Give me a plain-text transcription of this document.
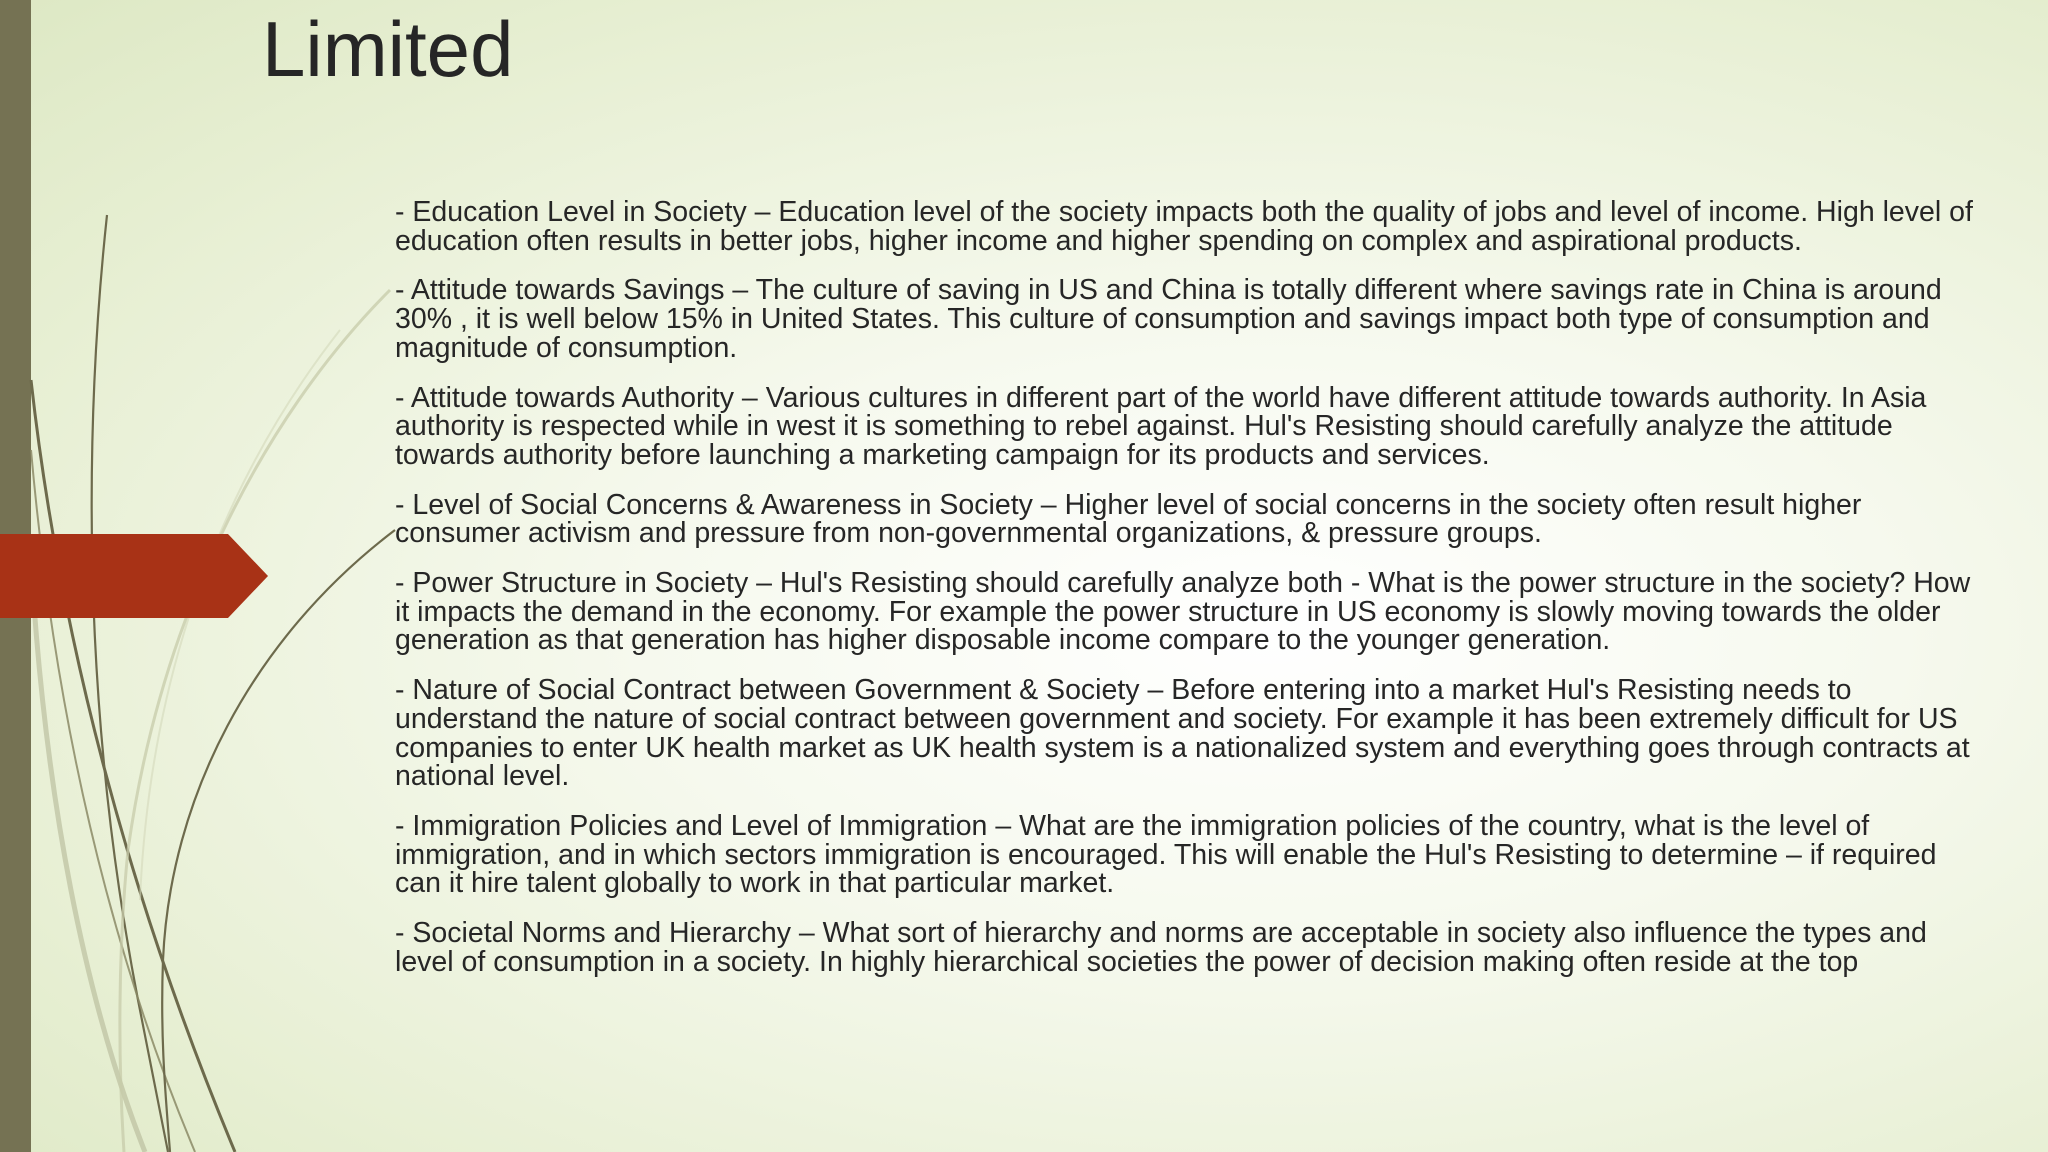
Limited

- Education Level in Society – Education level of the society impacts both the quality of jobs and level of income. High level of education often results in better jobs, higher income and higher spending on complex and aspirational products.

- Attitude towards Savings – The culture of saving in US and China is totally different where savings rate in China is around 30% , it is well below 15% in United States. This culture of consumption and savings impact both type of consumption and magnitude of consumption.

- Attitude towards Authority – Various cultures in different part of the world have different attitude towards authority. In Asia authority is respected while in west it is something to rebel against. Hul's Resisting should carefully analyze the attitude towards authority before launching a marketing campaign for its products and services.

- Level of Social Concerns & Awareness in Society – Higher level of social concerns in the society often result higher consumer activism and pressure from non-governmental organizations, & pressure groups.

- Power Structure in Society – Hul's Resisting should carefully analyze both - What is the power structure in the society? How it impacts the demand in the economy. For example the power structure in US economy is slowly moving towards the older generation as that generation has higher disposable income compare to the younger generation.

- Nature of Social Contract between Government & Society – Before entering into a market Hul's Resisting needs to understand the nature of social contract between government and society. For example it has been extremely difficult for US companies to enter UK health market as UK health system is a nationalized system and everything goes through contracts at national level.

- Immigration Policies and Level of Immigration – What are the immigration policies of the country, what is the level of immigration, and in which sectors immigration is encouraged. This will enable the Hul's Resisting to determine – if required can it hire talent globally to work in that particular market.

- Societal Norms and Hierarchy – What sort of hierarchy and norms are acceptable in society also influence the types and level of consumption in a society. In highly hierarchical societies the power of decision making often reside at the top
